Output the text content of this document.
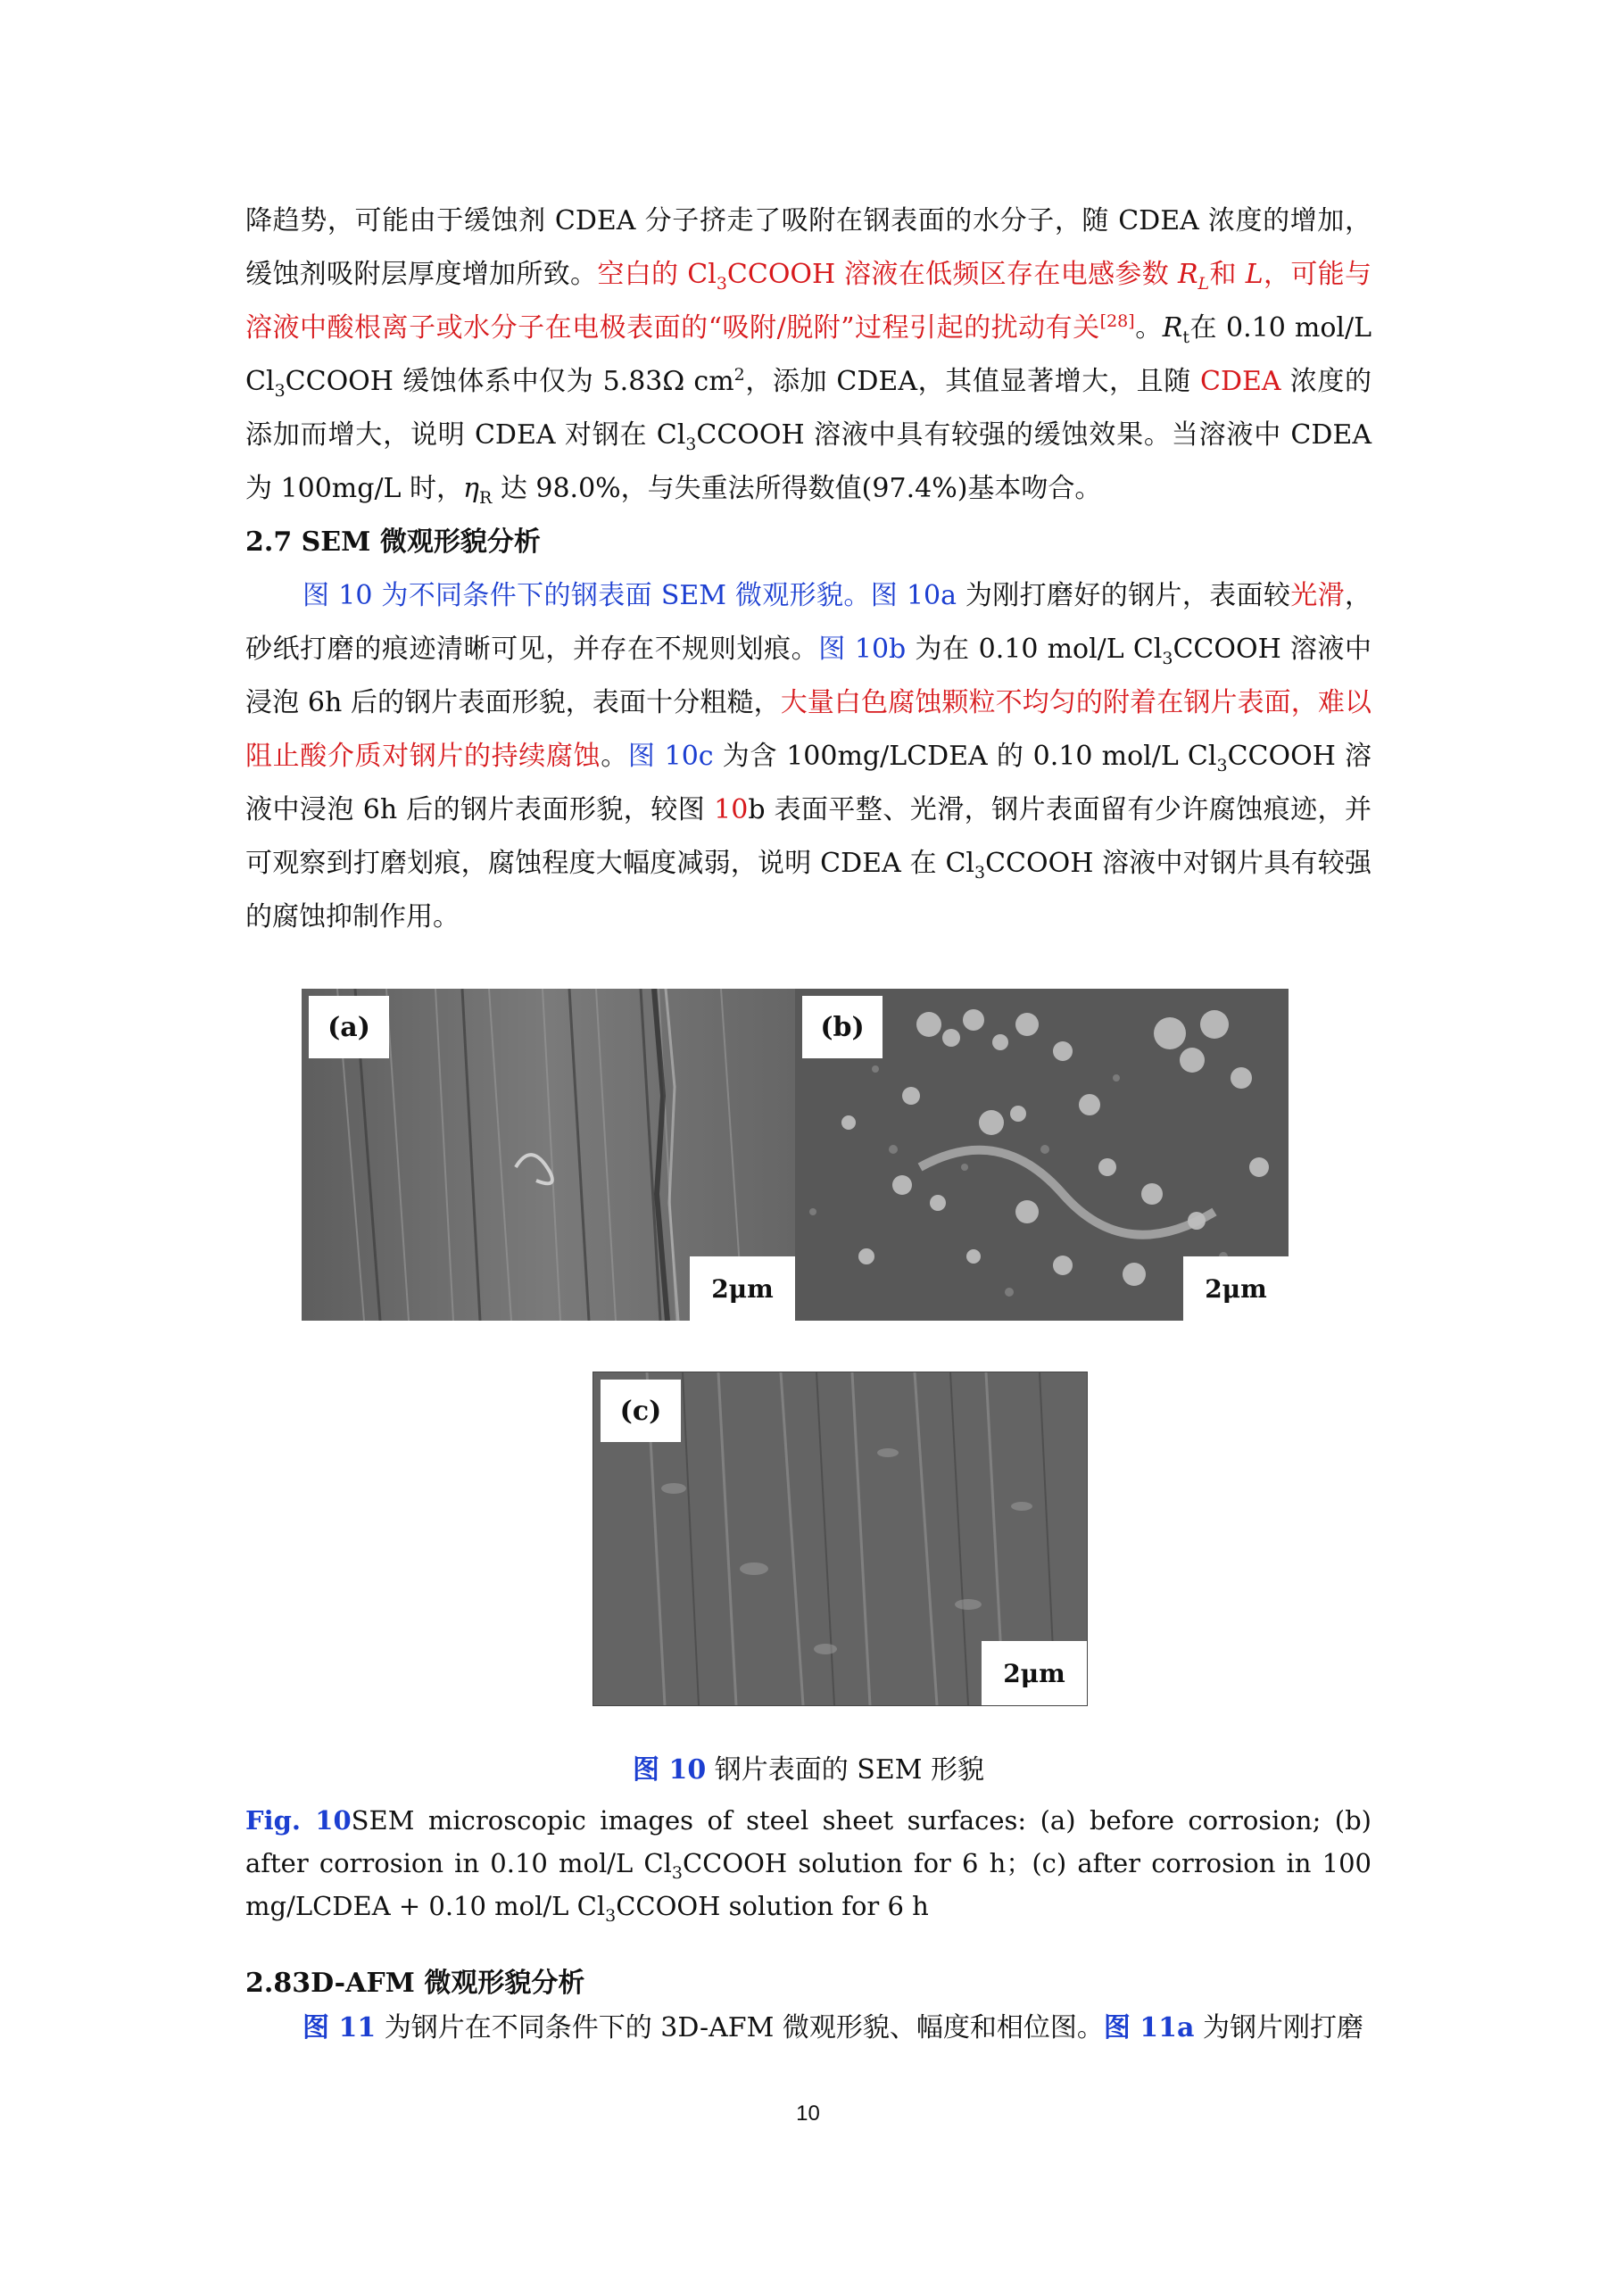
降趋势，可能由于缓蚀剂 CDEA 分子挤走了吸附在钢表面的水分子，随 CDEA 浓度的增加，缓蚀剂吸附层厚度增加所致。空白的 $Cl_3CCOOH$ 溶液在低频区存在电感参数 $R_L$和 L，可能与溶液中酸根离子或水分子在电极表面的“吸附/脱附”过程引起的扰动有关[28]。$R_t$在 0.10 mol/L $Cl_3CCOOH$ 缓蚀体系中仅为 5.83Ω $cm^2$，添加 CDEA，其值显著增大，且随 CDEA 浓度的添加而增大，说明 CDEA 对钢在 $Cl_3CCOOH$ 溶液中具有较强的缓蚀效果。当溶液中 CDEA 为 100mg/L 时，$\eta_R$ 达 98.0%，与失重法所得数值(97.4%)基本吻合。

2.7 SEM 微观形貌分析

图 10 为不同条件下的钢表面 SEM 微观形貌。图 10a 为刚打磨好的钢片，表面较光滑，砂纸打磨的痕迹清晰可见，并存在不规则划痕。图 10b 为在 0.10 mol/L $Cl_3CCOOH$ 溶液中浸泡 6h 后的钢片表面形貌，表面十分粗糙，大量白色腐蚀颗粒不均匀的附着在钢片表面，难以阻止酸介质对钢片的持续腐蚀。图 10c 为含 100mg/LCDEA 的 0.10 mol/L $Cl_3CCOOH$ 溶液中浸泡 6h 后的钢片表面形貌，较图 10b 表面平整、光滑，钢片表面留有少许腐蚀痕迹，并可观察到打磨划痕，腐蚀程度大幅度减弱，说明 CDEA 在 $Cl_3CCOOH$ 溶液中对钢片具有较强的腐蚀抑制作用。

(a)
2μm
(b)
2μm
(c)
2μm
图 10 钢片表面的 SEM 形貌
Fig. 10SEM microscopic images of steel sheet surfaces: (a) before corrosion; (b) after corrosion in 0.10 mol/L $Cl_3CCOOH$ solution for 6 h；(c) after corrosion in 100 mg/LCDEA + 0.10 mol/L $Cl_3CCOOH$ solution for 6 h

2.83D-AFM 微观形貌分析

图 11 为钢片在不同条件下的 3D-AFM 微观形貌、幅度和相位图。图 11a 为钢片刚打磨

10
